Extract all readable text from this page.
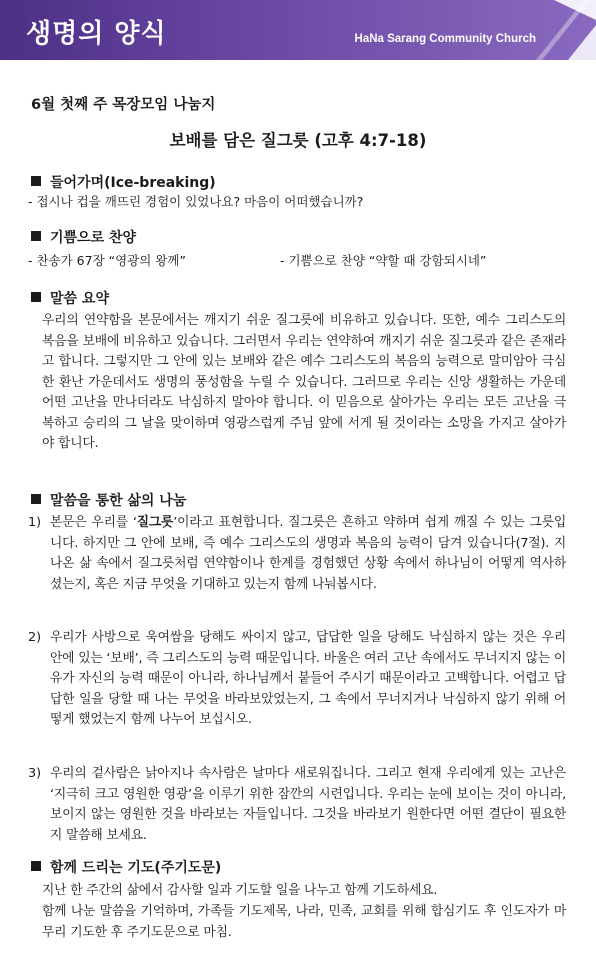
생명의 양식	HaNa Sarang Community Church
6월 첫째 주 목장모임 나눔지
보배를 담은 질그릇 (고후 4:7-18)
들어가며(Ice-breaking)
- 접시나 컵을 깨뜨린 경험이 있었나요? 마음이 어떠했습니까?
기쁨으로 찬양
- 찬송가 67장 “영광의 왕께”	- 기쁨으로 찬양 “약할 때 강함되시네”
말씀 요약
우리의 연약함을 본문에서는 깨지기 쉬운 질그릇에 비유하고 있습니다. 또한, 예수 그리스도의 복음을 보배에 비유하고 있습니다. 그러면서 우리는 연약하여 깨지기 쉬운 질그릇과 같은 존재라고 합니다. 그렇지만 그 안에 있는 보배와 같은 예수 그리스도의 복음의 능력으로 말미암아 극심한 환난 가운데서도 생명의 풍성함을 누릴 수 있습니다. 그러므로 우리는 신앙 생활하는 가운데 어떤 고난을 만나더라도 낙심하지 말아야 합니다. 이 믿음으로 살아가는 우리는 모든 고난을 극복하고 승리의 그 날을 맞이하며 영광스럽게 주님 앞에 서게 될 것이라는 소망을 가지고 살아가야 합니다.
말씀을 통한 삶의 나눔
1) 본문은 우리를 ‘질그릇’이라고 표현합니다. 질그릇은 흔하고 약하며 쉽게 깨질 수 있는 그릇입니다. 하지만 그 안에 보배, 즉 예수 그리스도의 생명과 복음의 능력이 담겨 있습니다(7절). 지나온 삶 속에서 질그릇처럼 연약함이나 한계를 경험했던 상황 속에서 하나님이 어떻게 역사하셨는지, 혹은 지금 무엇을 기대하고 있는지 함께 나눠봅시다.
2) 우리가 사방으로 욱여쌈을 당해도 싸이지 않고, 답답한 일을 당해도 낙심하지 않는 것은 우리 안에 있는 ‘보배’, 즉 그리스도의 능력 때문입니다. 바울은 여러 고난 속에서도 무너지지 않는 이유가 자신의 능력 때문이 아니라, 하나님께서 붙들어 주시기 때문이라고 고백합니다. 어렵고 답답한 일을 당할 때 나는 무엇을 바라보았었는지, 그 속에서 무너지거나 낙심하지 않기 위해 어떻게 했었는지 함께 나누어 보십시오.
3) 우리의 겉사람은 낡아지나 속사람은 날마다 새로워집니다. 그리고 현재 우리에게 있는 고난은 ‘지극히 크고 영원한 영광’을 이루기 위한 잠깐의 시련입니다. 우리는 눈에 보이는 것이 아니라, 보이지 않는 영원한 것을 바라보는 자들입니다. 그것을 바라보기 원한다면 어떤 결단이 필요한지 말씀해 보세요.
함께 드리는 기도(주기도문)
지난 한 주간의 삶에서 감사할 일과 기도할 일을 나누고 함께 기도하세요.
함께 나눈 말씀을 기억하며, 가족들 기도제목, 나라, 민족, 교회를 위해 합심기도 후 인도자가 마무리 기도한 후 주기도문으로 마침.
